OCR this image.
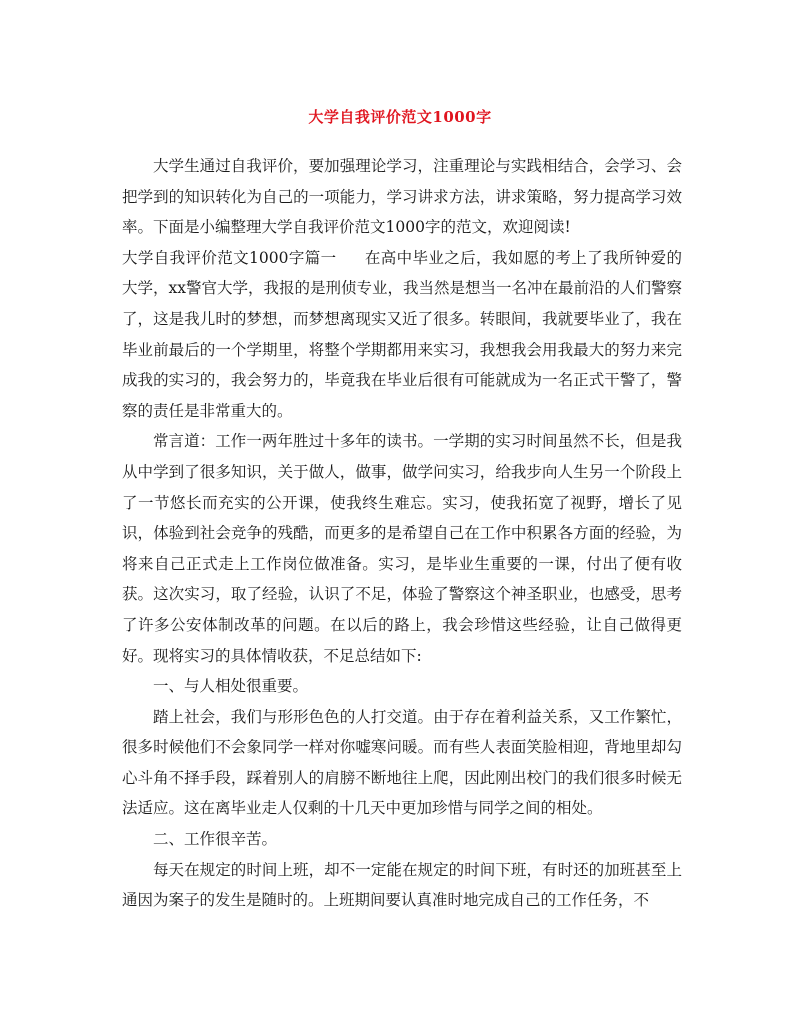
大学自我评价范文1000字

大学生通过自我评价，要加强理论学习，注重理论与实践相结合，会学习、会把学到的知识转化为自己的一项能力，学习讲求方法，讲求策略，努力提高学习效率。下面是小编整理大学自我评价范文1000字的范文，欢迎阅读!

大学自我评价范文1000字篇一 在高中毕业之后，我如愿的考上了我所钟爱的大学，xx警官大学，我报的是刑侦专业，我当然是想当一名冲在最前沿的人们警察了，这是我儿时的梦想，而梦想离现实又近了很多。转眼间，我就要毕业了，我在毕业前最后的一个学期里，将整个学期都用来实习，我想我会用我最大的努力来完成我的实习的，我会努力的，毕竟我在毕业后很有可能就成为一名正式干警了，警察的责任是非常重大的。

常言道：工作一两年胜过十多年的读书。一学期的实习时间虽然不长，但是我从中学到了很多知识，关于做人，做事，做学问实习，给我步向人生另一个阶段上了一节悠长而充实的公开课，使我终生难忘。实习，使我拓宽了视野，增长了见识，体验到社会竞争的残酷，而更多的是希望自己在工作中积累各方面的经验，为将来自己正式走上工作岗位做准备。实习，是毕业生重要的一课，付出了便有收获。这次实习，取了经验，认识了不足，体验了警察这个神圣职业，也感受，思考了许多公安体制改革的问题。在以后的路上，我会珍惜这些经验，让自己做得更好。现将实习的具体情收获，不足总结如下:

一、与人相处很重要。

踏上社会，我们与形形色色的人打交道。由于存在着利益关系，又工作繁忙，很多时候他们不会象同学一样对你嘘寒问暖。而有些人表面笑脸相迎，背地里却勾心斗角不择手段，踩着别人的肩膀不断地往上爬，因此刚出校门的我们很多时候无法适应。这在离毕业走人仅剩的十几天中更加珍惜与同学之间的相处。

二、工作很辛苦。

每天在规定的时间上班，却不一定能在规定的时间下班，有时还的加班甚至上通因为案子的发生是随时的。上班期间要认真准时地完成自己的工作任务，不
